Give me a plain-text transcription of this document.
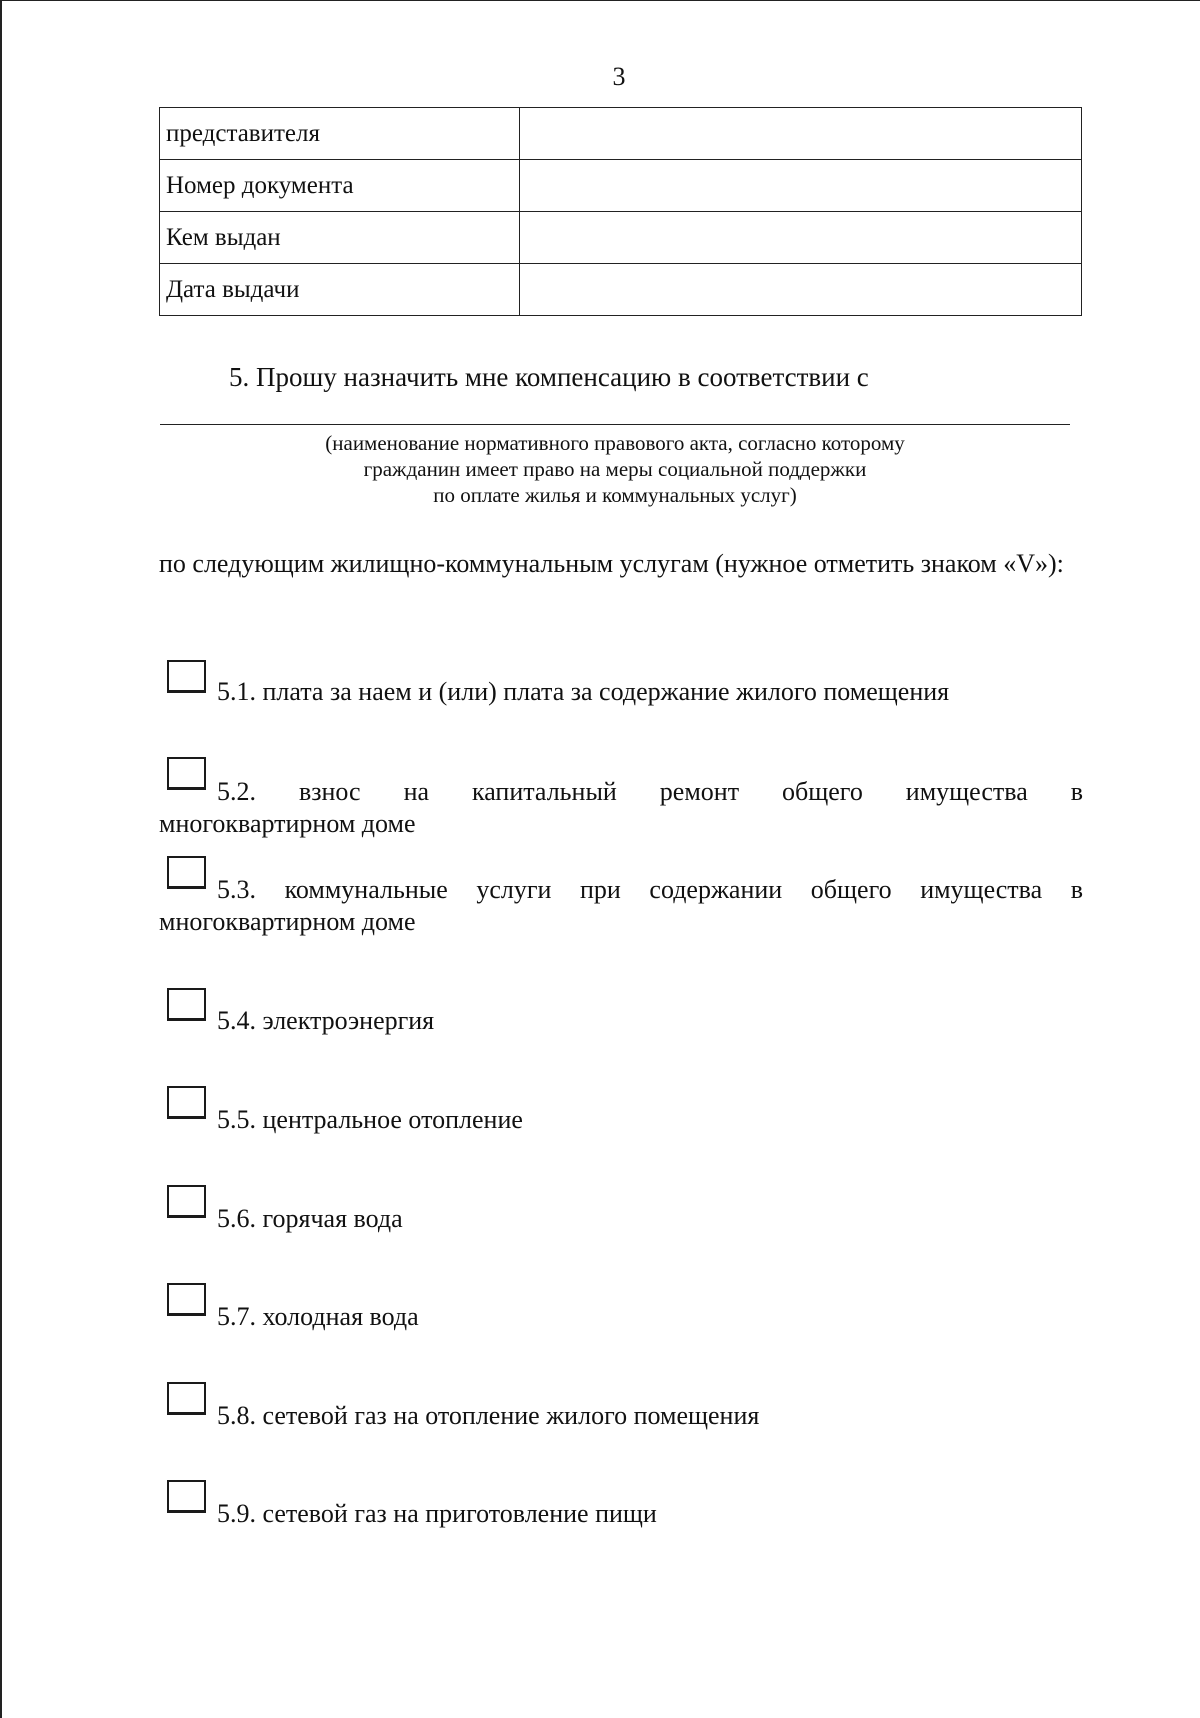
3
представителя	
Номер документа	
Кем выдан	
Дата выдачи	
5. Прошу назначить мне компенсацию в соответствии с
(наименование нормативного правового акта, согласно которому
гражданин имеет право на меры социальной поддержки
по оплате жилья и коммунальных услуг)
по следующим жилищно-коммунальным услугам (нужное отметить знаком «V»):
5.1. плата за наем и (или) плата за содержание жилого помещения
5.2. взнос на капитальный ремонт общего имущества в
многоквартирном доме
5.3. коммунальные услуги при содержании общего имущества в
многоквартирном доме
5.4. электроэнергия
5.5. центральное отопление
5.6. горячая вода
5.7. холодная вода
5.8. сетевой газ на отопление жилого помещения
5.9. сетевой газ на приготовление пищи
